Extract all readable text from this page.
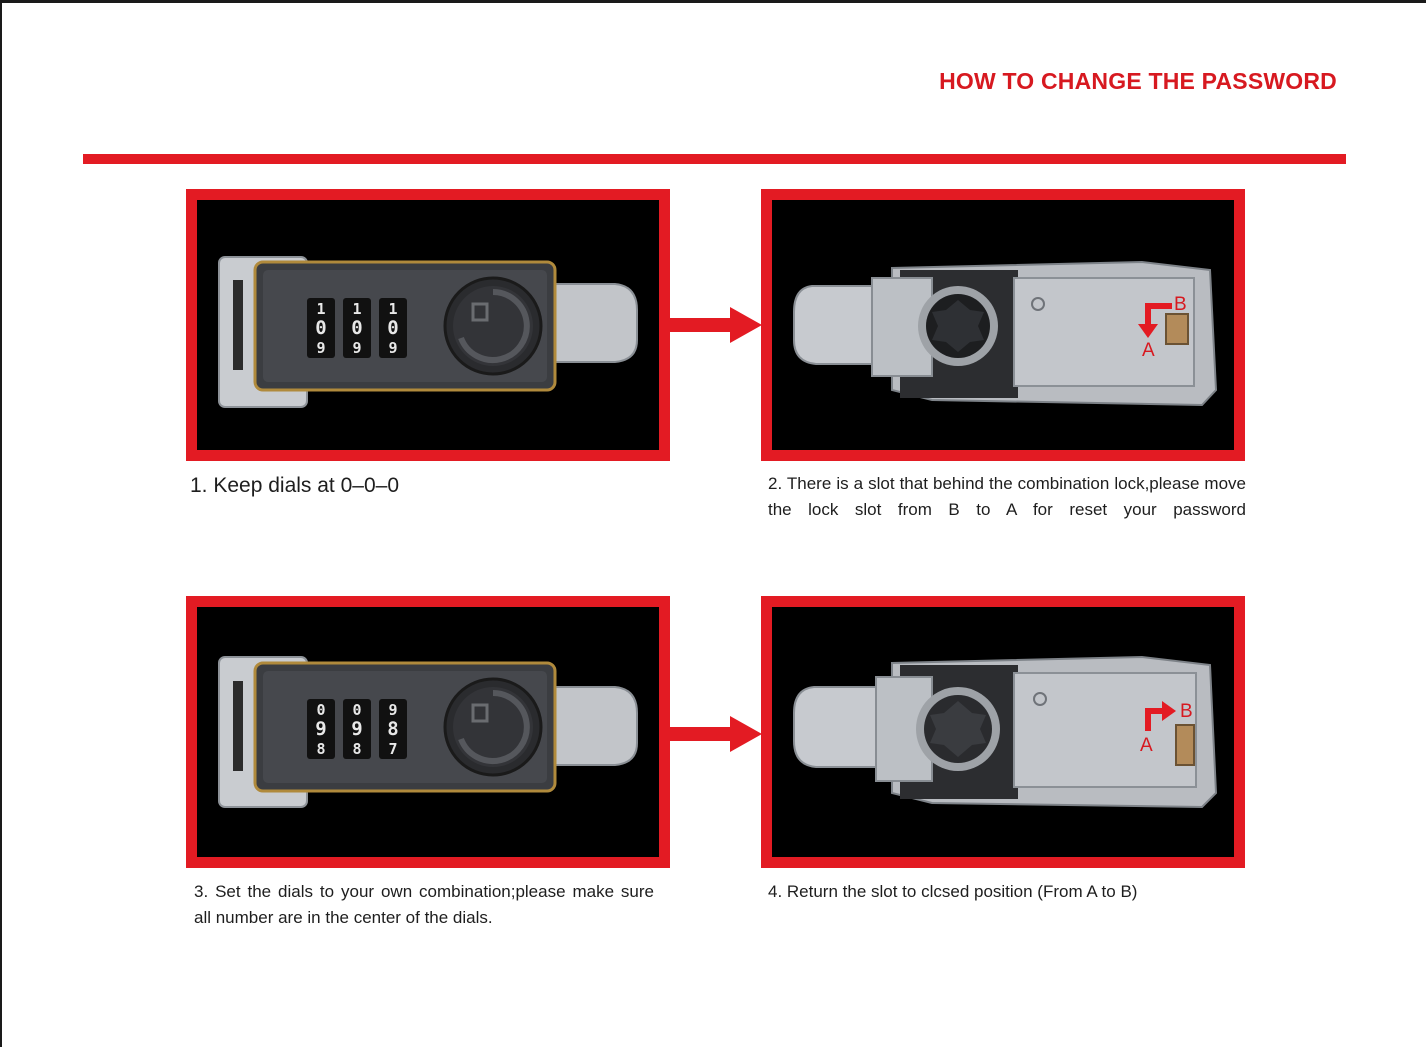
HOW TO CHANGE THE PASSWORD
1 1 1
0 0 0
9 9 9
B
A
0 0 9
9 9 8
8 8 7
B
A

1. Keep dials at 0–0–0	2. There is a slot that behind the combination lock,please move the lock slot from B to A for reset your password

3. Set the dials to your own combination;please make sure all number are in the center of the dials.

4. Return the slot to clcsed position (From A to B)
